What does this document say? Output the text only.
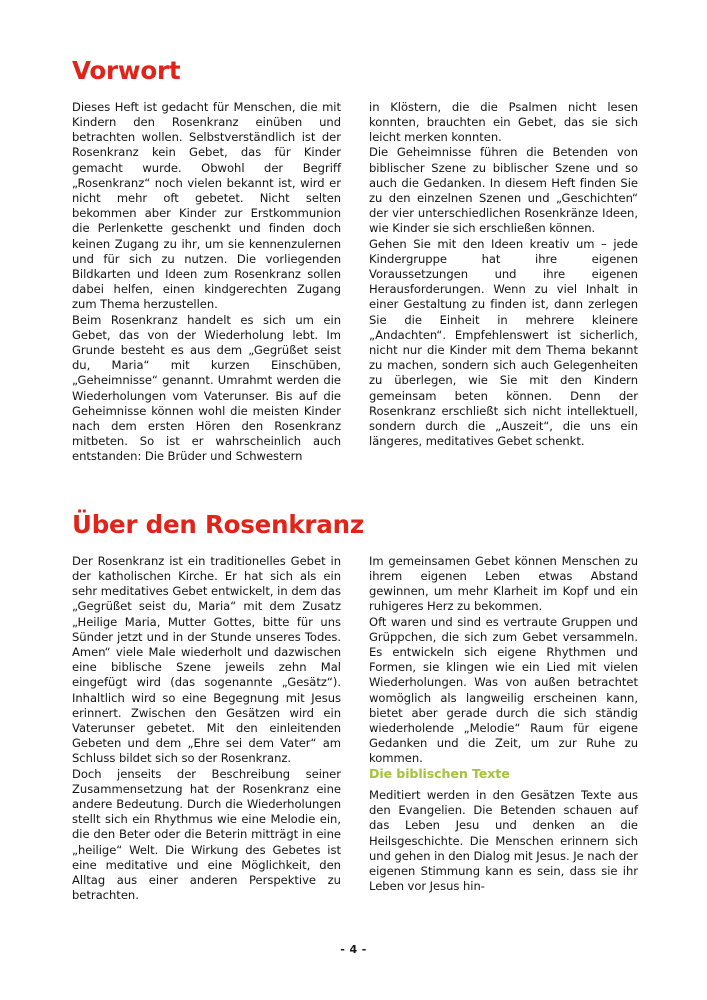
Vorwort

Dieses Heft ist gedacht für Menschen, die mit Kindern den Rosenkranz einüben und betrachten wollen. Selbstverständlich ist der Rosenkranz kein Gebet, das für Kinder gemacht wurde. Obwohl der Begriff „Rosenkranz“ noch vielen bekannt ist, wird er nicht mehr oft gebetet. Nicht selten bekommen aber Kinder zur Erstkommunion die Perlenkette geschenkt und finden doch keinen Zugang zu ihr, um sie kennenzulernen und für sich zu nutzen. Die vorliegenden Bildkarten und Ideen zum Rosenkranz sollen dabei helfen, einen kindgerechten Zugang zum Thema herzustellen.

Beim Rosenkranz handelt es sich um ein Gebet, das von der Wiederholung lebt. Im Grunde besteht es aus dem „Gegrüßet seist du, Maria“ mit kurzen Einschüben, „Geheimnisse“ genannt. Umrahmt werden die Wiederholungen vom Vaterunser. Bis auf die Geheimnisse können wohl die meisten Kinder nach dem ersten Hören den Rosenkranz mitbeten. So ist er wahrscheinlich auch entstanden: Die Brüder und Schwestern

in Klöstern, die die Psalmen nicht lesen konnten, brauchten ein Gebet, das sie sich leicht merken konnten.

Die Geheimnisse führen die Betenden von biblischer Szene zu biblischer Szene und so auch die Gedanken. In diesem Heft finden Sie zu den einzelnen Szenen und „Geschichten“ der vier unterschiedlichen Rosenkränze Ideen, wie Kinder sie sich erschließen können.

Gehen Sie mit den Ideen kreativ um – jede Kindergruppe hat ihre eigenen Voraussetzungen und ihre eigenen Herausforderungen. Wenn zu viel Inhalt in einer Gestaltung zu finden ist, dann zerlegen Sie die Einheit in mehrere kleinere „Andachten“. Empfehlenswert ist sicherlich, nicht nur die Kinder mit dem Thema bekannt zu machen, sondern sich auch Gelegenheiten zu überlegen, wie Sie mit den Kindern gemeinsam beten können. Denn der Rosenkranz erschließt sich nicht intellektuell, sondern durch die „Auszeit“, die uns ein längeres, meditatives Gebet schenkt.

Über den Rosenkranz

Der Rosenkranz ist ein traditionelles Gebet in der katholischen Kirche. Er hat sich als ein sehr meditatives Gebet entwickelt, in dem das „Gegrüßet seist du, Maria“ mit dem Zusatz „Heilige Maria, Mutter Gottes, bitte für uns Sünder jetzt und in der Stunde unseres Todes. Amen“ viele Male wiederholt und dazwischen eine biblische Szene jeweils zehn Mal eingefügt wird (das sogenannte „Gesätz“). Inhaltlich wird so eine Begegnung mit Jesus erinnert. Zwischen den Gesätzen wird ein Vaterunser gebetet. Mit den einleitenden Gebeten und dem „Ehre sei dem Vater“ am Schluss bildet sich so der Rosenkranz.

Doch jenseits der Beschreibung seiner Zusammensetzung hat der Rosenkranz eine andere Bedeutung. Durch die Wiederholungen stellt sich ein Rhythmus wie eine Melodie ein, die den Beter oder die Beterin mitträgt in eine „heilige“ Welt. Die Wirkung des Gebetes ist eine meditative und eine Möglichkeit, den Alltag aus einer anderen Perspektive zu betrachten.

Im gemeinsamen Gebet können Menschen zu ihrem eigenen Leben etwas Abstand gewinnen, um mehr Klarheit im Kopf und ein ruhigeres Herz zu bekommen.

Oft waren und sind es vertraute Gruppen und Grüppchen, die sich zum Gebet versammeln. Es entwickeln sich eigene Rhythmen und Formen, sie klingen wie ein Lied mit vielen Wiederholungen. Was von außen betrachtet womöglich als langweilig erscheinen kann, bietet aber gerade durch die sich ständig wiederholende „Melodie“ Raum für eigene Gedanken und die Zeit, um zur Ruhe zu kommen.

Die biblischen Texte

Meditiert werden in den Gesätzen Texte aus den Evangelien. Die Betenden schauen auf das Leben Jesu und denken an die Heilsgeschichte. Die Menschen erinnern sich und gehen in den Dialog mit Jesus. Je nach der eigenen Stimmung kann es sein, dass sie ihr Leben vor Jesus hin-

- 4 -
